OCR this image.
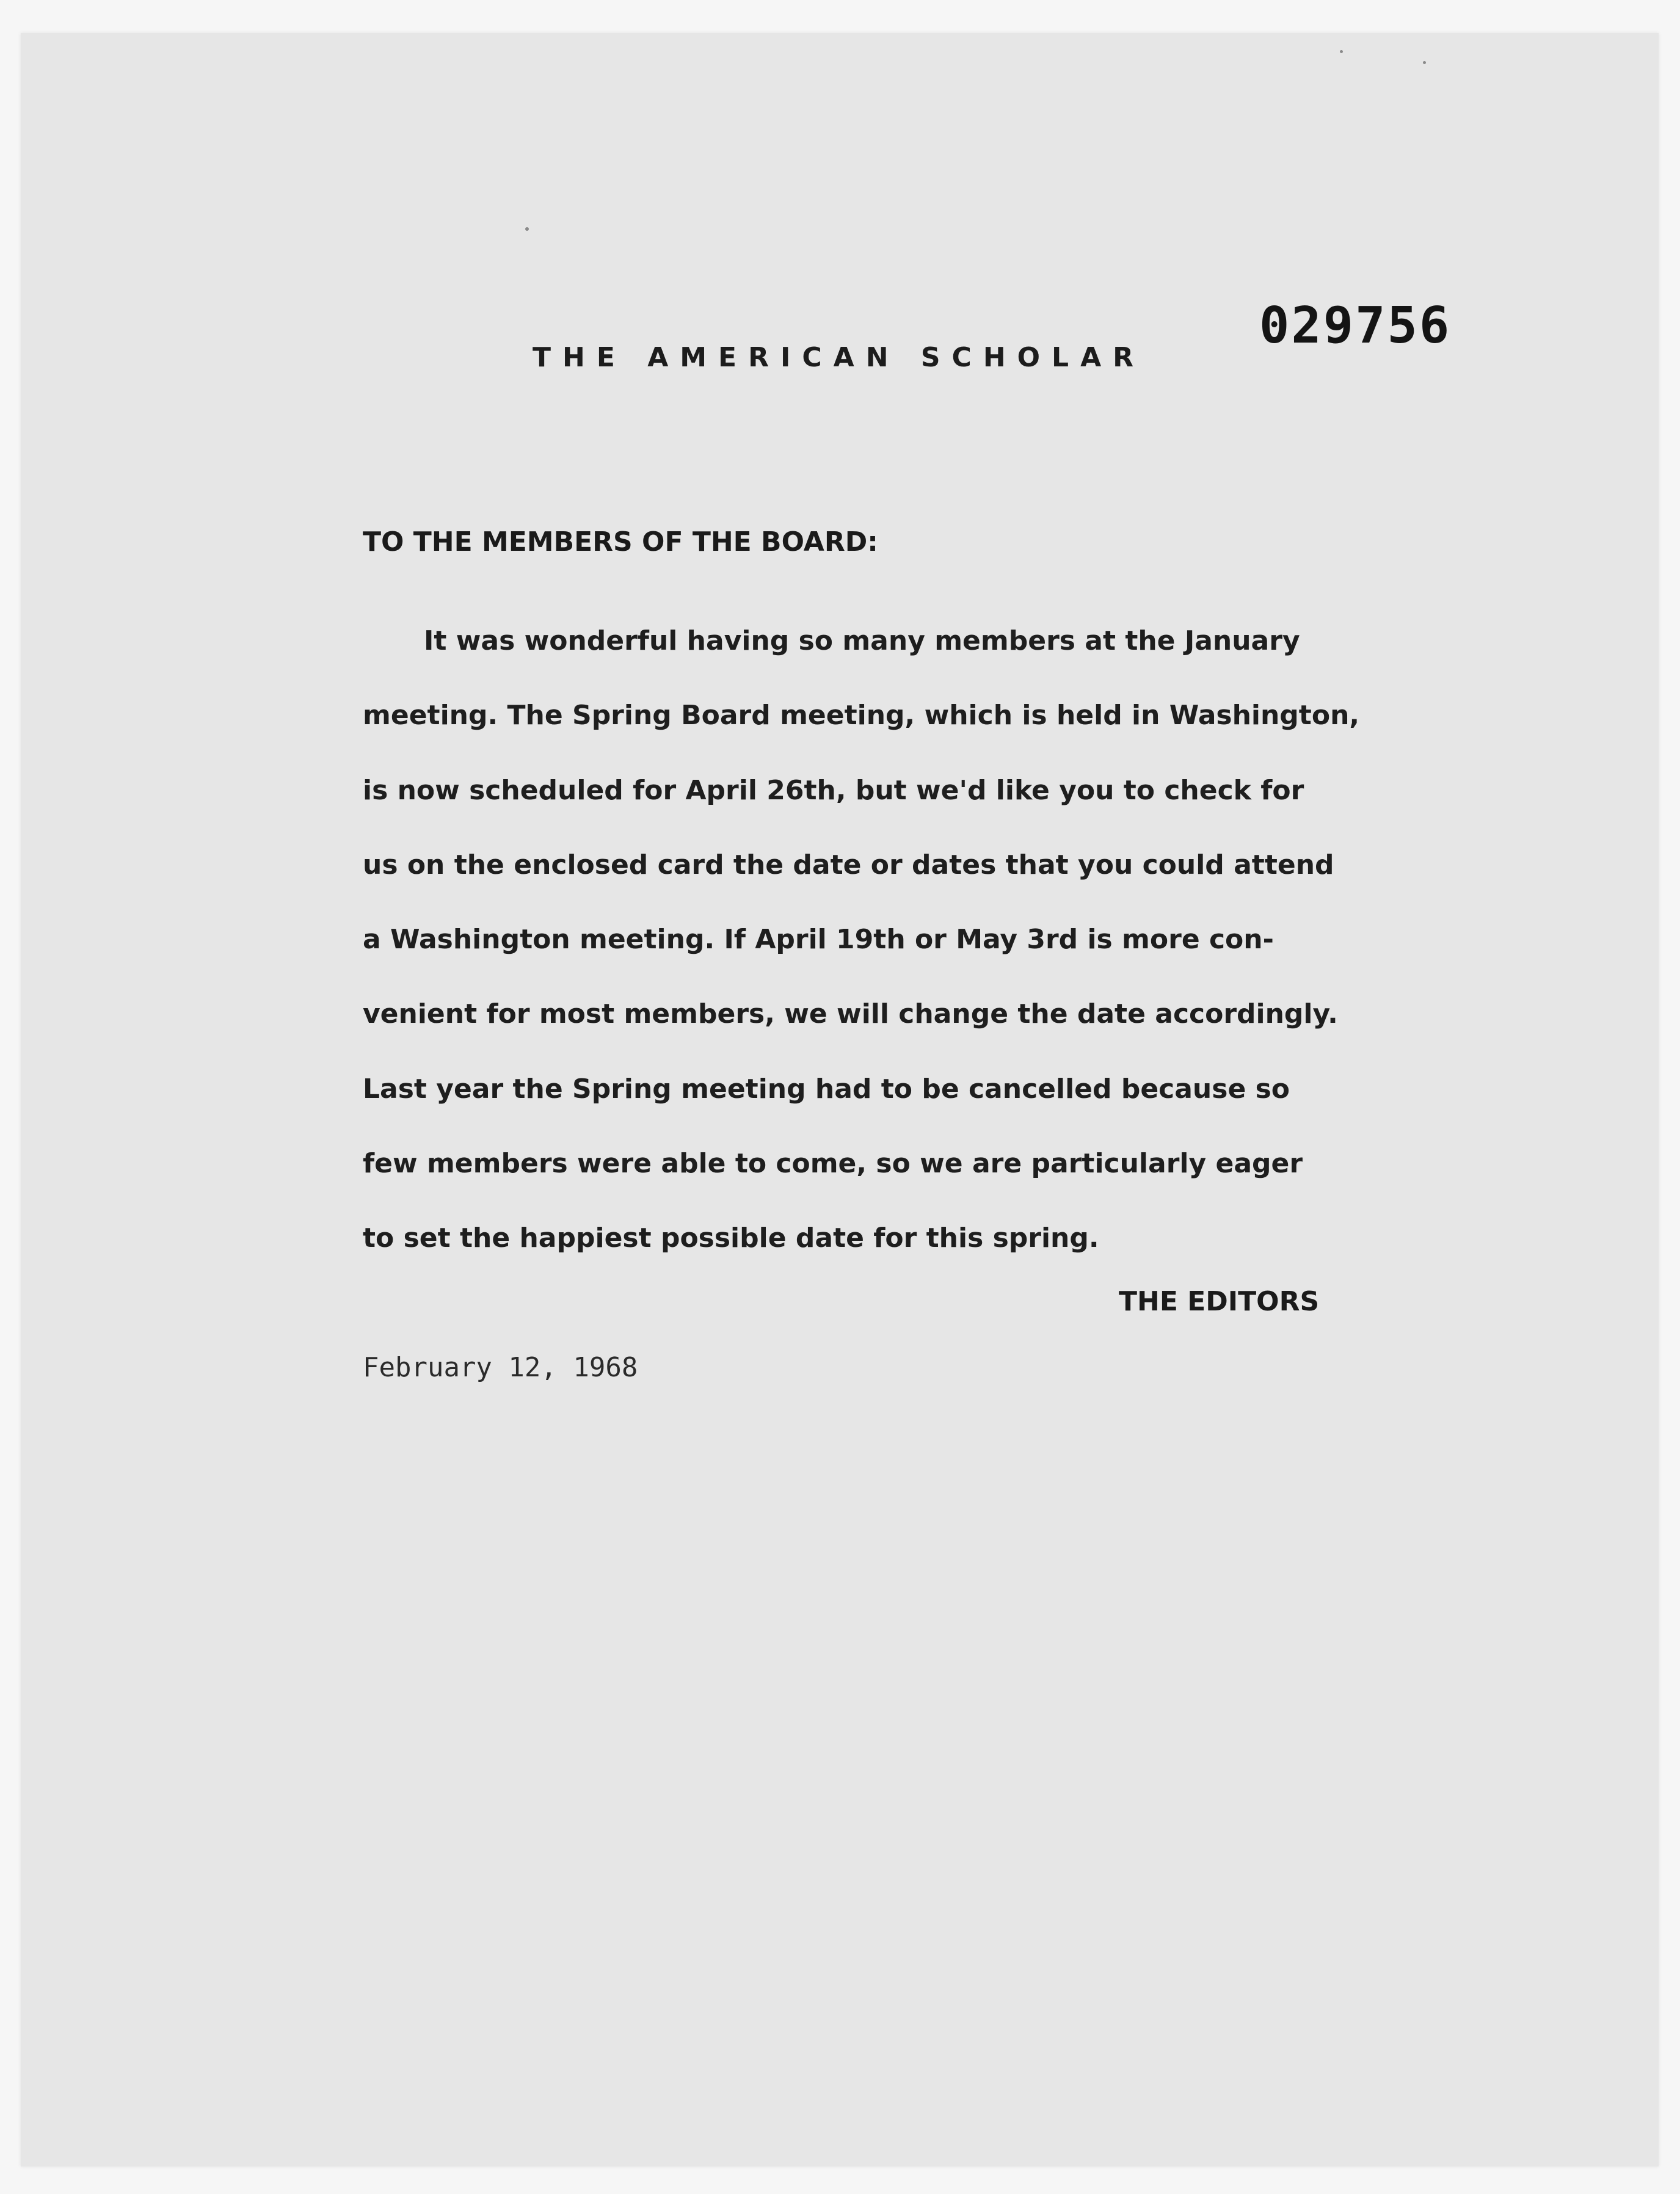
THE AMERICAN SCHOLAR
029756
TO THE MEMBERS OF THE BOARD:
It was wonderful having so many members at the January
meeting. The Spring Board meeting, which is held in Washington,
is now scheduled for April 26th, but we'd like you to check for
us on the enclosed card the date or dates that you could attend
a Washington meeting. If April 19th or May 3rd is more con-
venient for most members, we will change the date accordingly.
Last year the Spring meeting had to be cancelled because so
few members were able to come, so we are particularly eager
to set the happiest possible date for this spring.
THE EDITORS
February 12, 1968
